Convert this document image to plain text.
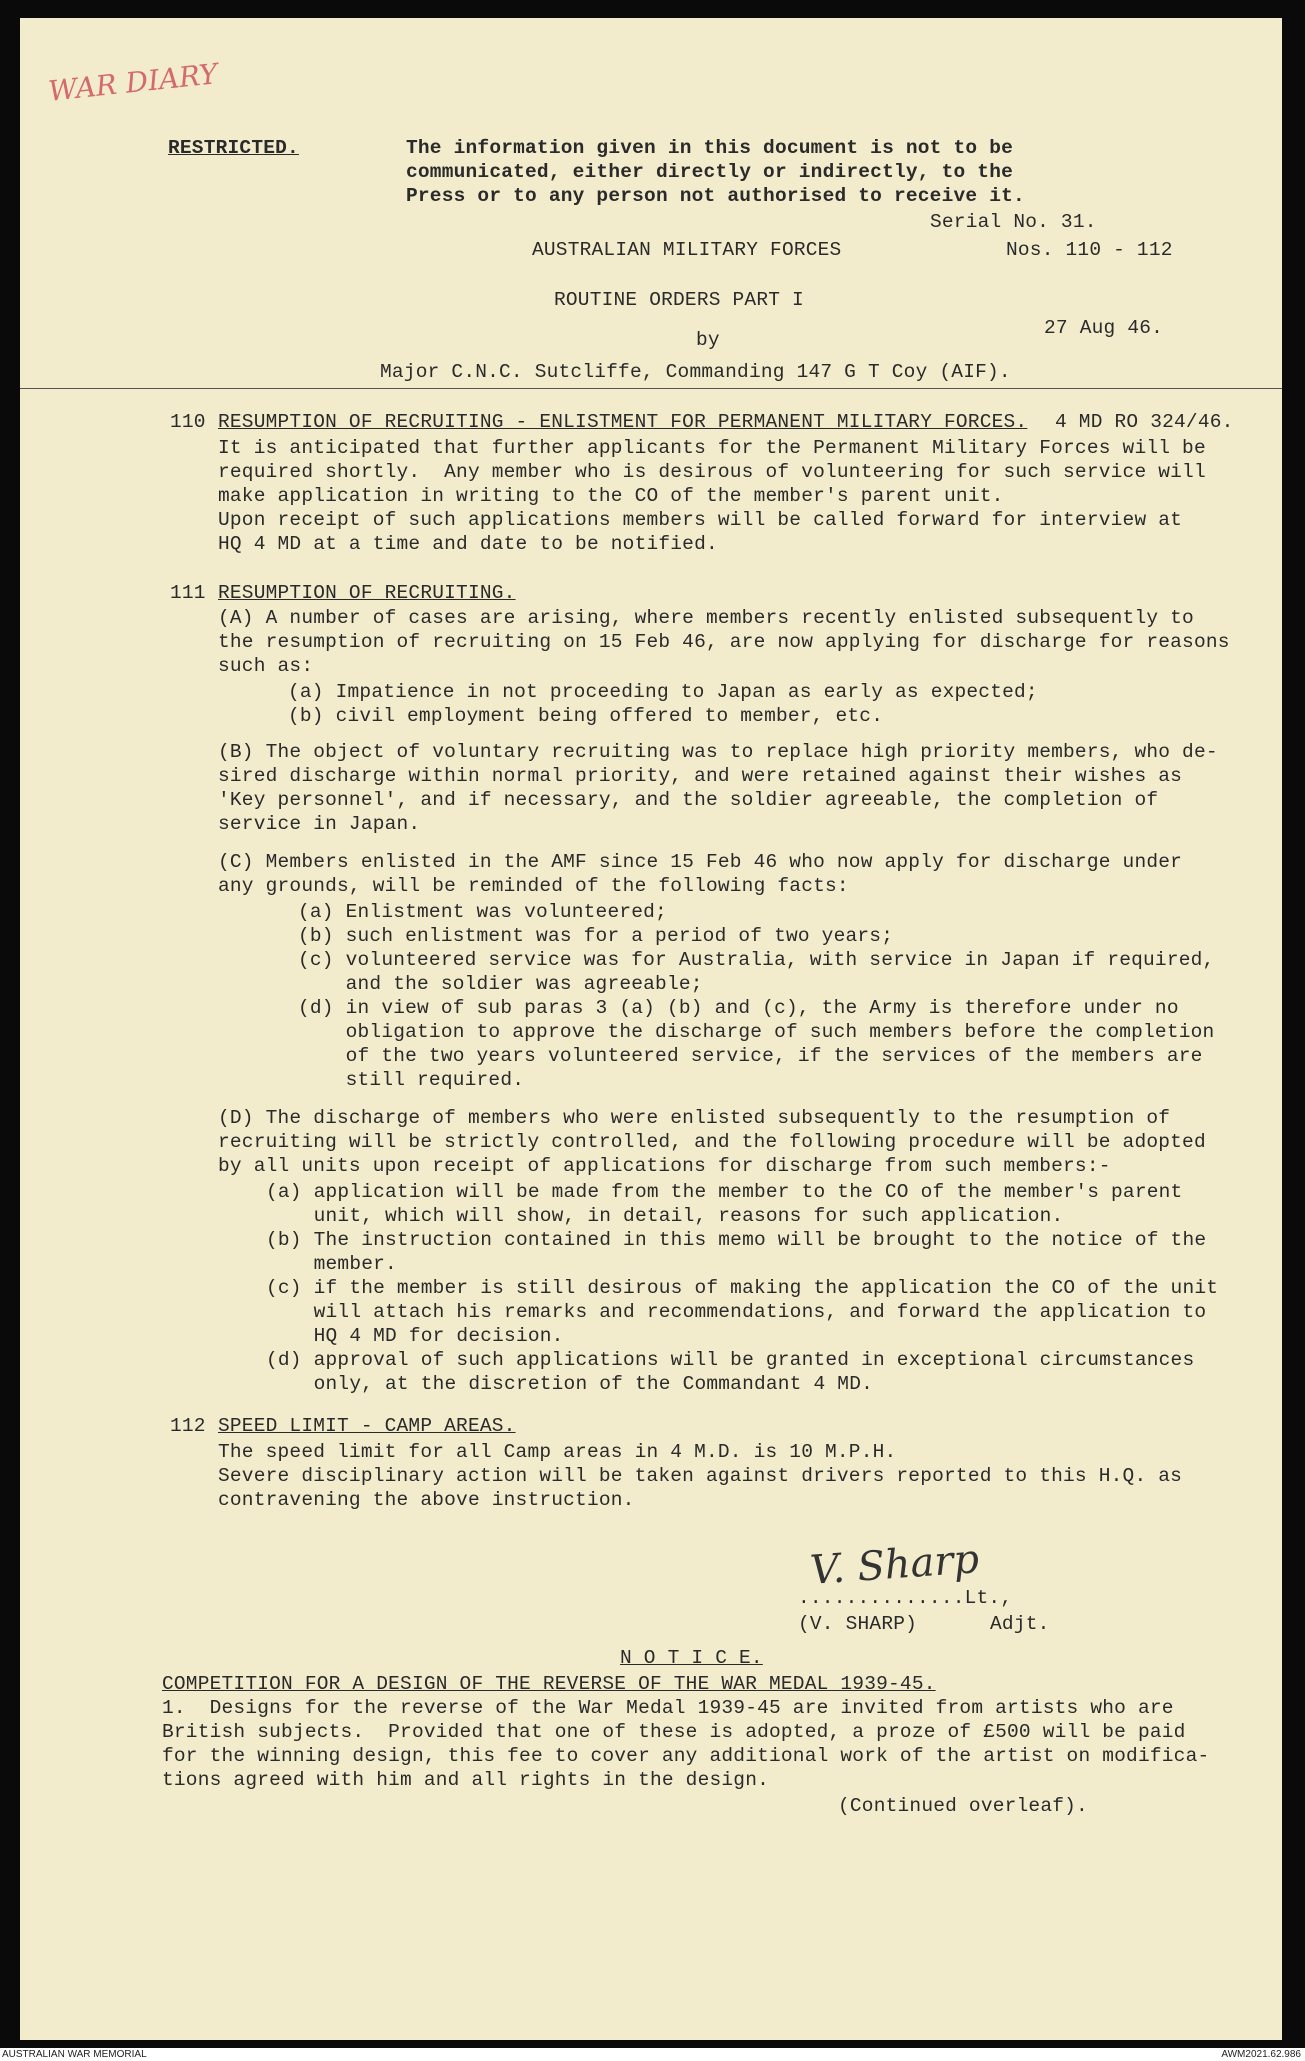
WAR DIARY
RESTRICTED.	The information given in this document is not to be
communicated, either directly or indirectly, to the
Press or to any person not authorised to receive it.
Serial No. 31.
AUSTRALIAN MILITARY FORCES	Nos. 110 - 112
ROUTINE ORDERS PART I
27 Aug 46.
by
Major C.N.C. Sutcliffe, Commanding 147 G T Coy (AIF).
110 RESUMPTION OF RECRUITING - ENLISTMENT FOR PERMANENT MILITARY FORCES. 4 MD RO 324/46.
It is anticipated that further applicants for the Permanent Military Forces will be
required shortly.  Any member who is desirous of volunteering for such service will
make application in writing to the CO of the member's parent unit.
Upon receipt of such applications members will be called forward for interview at
HQ 4 MD at a time and date to be notified.
111 RESUMPTION OF RECRUITING.
(A) A number of cases are arising, where members recently enlisted subsequently to
the resumption of recruiting on 15 Feb 46, are now applying for discharge for reasons
such as:
(a) Impatience in not proceeding to Japan as early as expected;
(b) civil employment being offered to member, etc.
(B) The object of voluntary recruiting was to replace high priority members, who de-
sired discharge within normal priority, and were retained against their wishes as
'Key personnel', and if necessary, and the soldier agreeable, the completion of
service in Japan.
(C) Members enlisted in the AMF since 15 Feb 46 who now apply for discharge under
any grounds, will be reminded of the following facts:
(a) Enlistment was volunteered;
(b) such enlistment was for a period of two years;
(c) volunteered service was for Australia, with service in Japan if required,
and the soldier was agreeable;
(d) in view of sub paras 3 (a) (b) and (c), the Army is therefore under no
obligation to approve the discharge of such members before the completion
of the two years volunteered service, if the services of the members are
still required.
(D) The discharge of members who were enlisted subsequently to the resumption of
recruiting will be strictly controlled, and the following procedure will be adopted
by all units upon receipt of applications for discharge from such members:-
(a) application will be made from the member to the CO of the member's parent
unit, which will show, in detail, reasons for such application.
(b) The instruction contained in this memo will be brought to the notice of the
member.
(c) if the member is still desirous of making the application the CO of the unit
will attach his remarks and recommendations, and forward the application to
HQ 4 MD for decision.
(d) approval of such applications will be granted in exceptional circumstances
only, at the discretion of the Commandant 4 MD.
112 SPEED LIMIT - CAMP AREAS.
The speed limit for all Camp areas in 4 M.D. is 10 M.P.H.
Severe disciplinary action will be taken against drivers reported to this H.Q. as
contravening the above instruction.
V. Sharp
..............Lt.,
(V. SHARP)	Adjt.
N O T I C E.
COMPETITION FOR A DESIGN OF THE REVERSE OF THE WAR MEDAL 1939-45.
1.  Designs for the reverse of the War Medal 1939-45 are invited from artists who are
British subjects.  Provided that one of these is adopted, a proze of £500 will be paid
for the winning design, this fee to cover any additional work of the artist on modifica-
tions agreed with him and all rights in the design.
(Continued overleaf).
AUSTRALIAN WAR MEMORIAL	AWM2021.62.986
